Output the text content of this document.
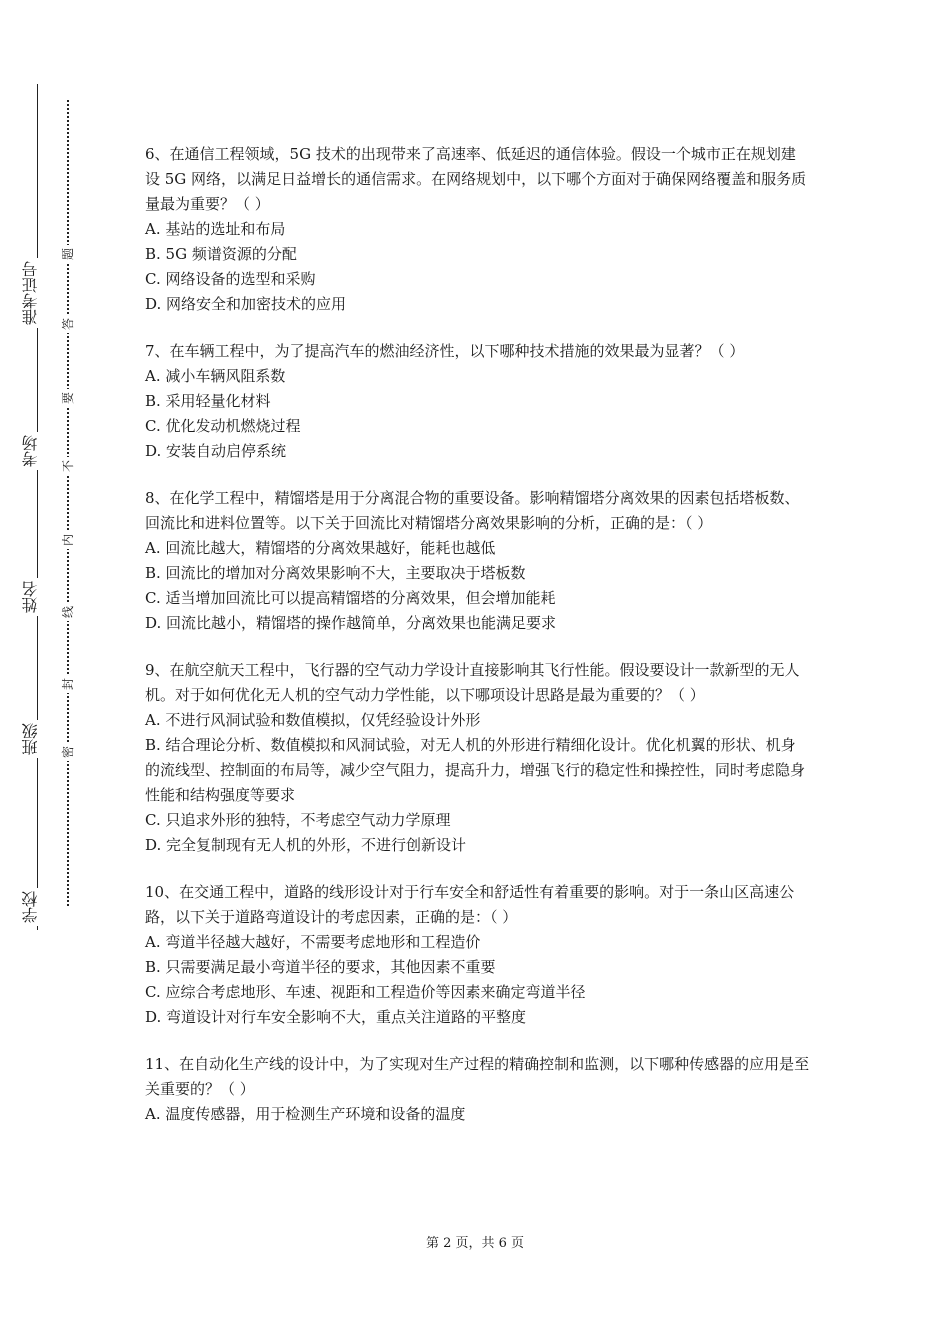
准考证号
考场
姓名
班级
学校
题
答
要
不
内
线
封
密
6、在通信工程领域，5G 技术的出现带来了高速率、低延迟的通信体验。假设一个城市正在规划建设 5G 网络，以满足日益增长的通信需求。在网络规划中，以下哪个方面对于确保网络覆盖和服务质量最为重要？（ ）
A. 基站的选址和布局
B. 5G 频谱资源的分配
C. 网络设备的选型和采购
D. 网络安全和加密技术的应用
7、在车辆工程中，为了提高汽车的燃油经济性，以下哪种技术措施的效果最为显著？（ ）
A. 减小车辆风阻系数
B. 采用轻量化材料
C. 优化发动机燃烧过程
D. 安装自动启停系统
8、在化学工程中，精馏塔是用于分离混合物的重要设备。影响精馏塔分离效果的因素包括塔板数、回流比和进料位置等。以下关于回流比对精馏塔分离效果影响的分析，正确的是：（ ）
A. 回流比越大，精馏塔的分离效果越好，能耗也越低
B. 回流比的增加对分离效果影响不大，主要取决于塔板数
C. 适当增加回流比可以提高精馏塔的分离效果，但会增加能耗
D. 回流比越小，精馏塔的操作越简单，分离效果也能满足要求
9、在航空航天工程中，飞行器的空气动力学设计直接影响其飞行性能。假设要设计一款新型的无人机。对于如何优化无人机的空气动力学性能，以下哪项设计思路是最为重要的？（ ）
A. 不进行风洞试验和数值模拟，仅凭经验设计外形
B. 结合理论分析、数值模拟和风洞试验，对无人机的外形进行精细化设计。优化机翼的形状、机身的流线型、控制面的布局等，减少空气阻力，提高升力，增强飞行的稳定性和操控性，同时考虑隐身性能和结构强度等要求
C. 只追求外形的独特，不考虑空气动力学原理
D. 完全复制现有无人机的外形，不进行创新设计
10、在交通工程中，道路的线形设计对于行车安全和舒适性有着重要的影响。对于一条山区高速公路，以下关于道路弯道设计的考虑因素，正确的是：（ ）
A. 弯道半径越大越好，不需要考虑地形和工程造价
B. 只需要满足最小弯道半径的要求，其他因素不重要
C. 应综合考虑地形、车速、视距和工程造价等因素来确定弯道半径
D. 弯道设计对行车安全影响不大，重点关注道路的平整度
11、在自动化生产线的设计中，为了实现对生产过程的精确控制和监测，以下哪种传感器的应用是至关重要的？（ ）
A. 温度传感器，用于检测生产环境和设备的温度
第 2 页，共 6 页
